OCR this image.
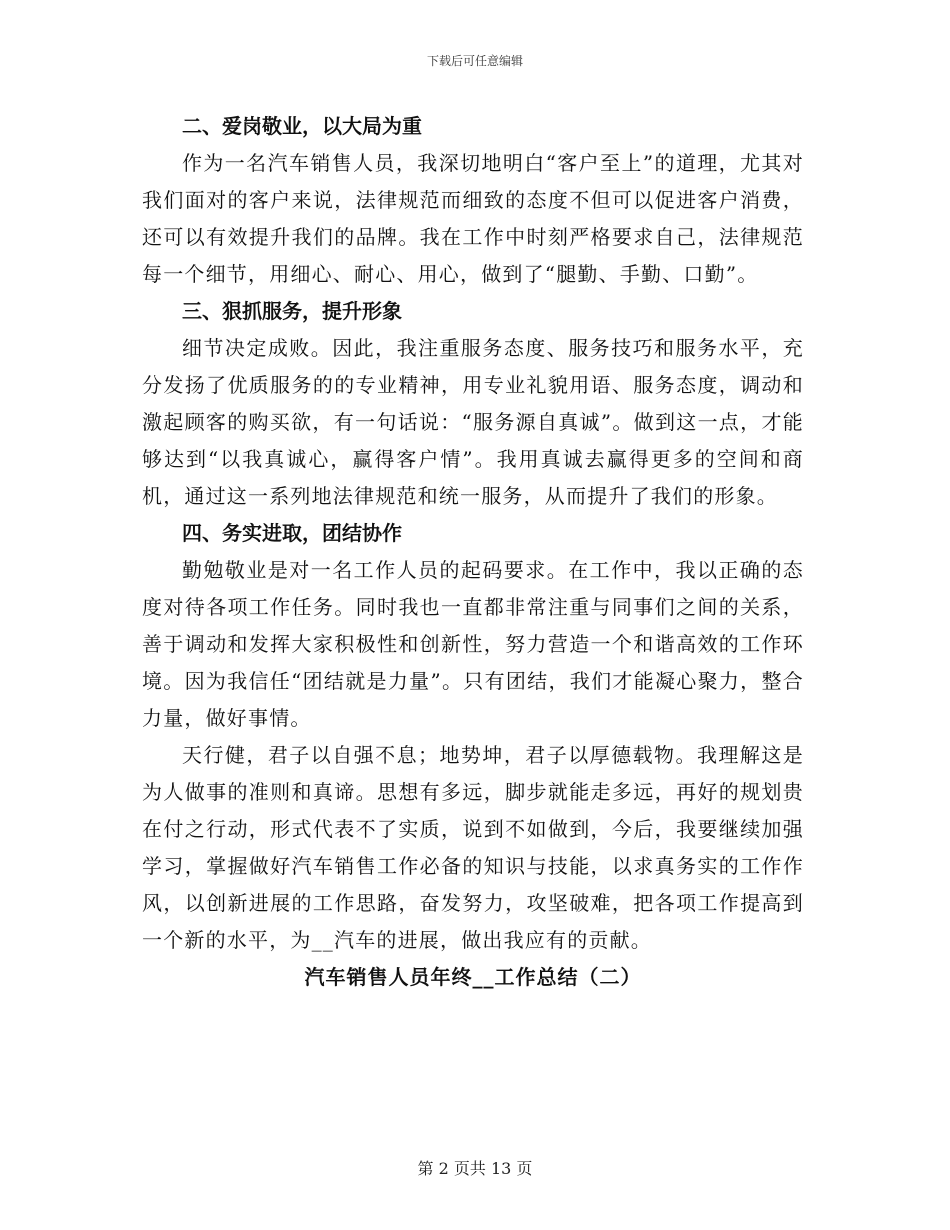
下载后可任意编辑
二、爱岗敬业，以大局为重

作为一名汽车销售人员，我深切地明白“客户至上”的道理，尤其对我们面对的客户来说，法律规范而细致的态度不但可以促进客户消费，还可以有效提升我们的品牌。我在工作中时刻严格要求自己，法律规范每一个细节，用细心、耐心、用心，做到了“腿勤、手勤、口勤”。

三、狠抓服务，提升形象

细节决定成败。因此，我注重服务态度、服务技巧和服务水平，充分发扬了优质服务的的专业精神，用专业礼貌用语、服务态度，调动和激起顾客的购买欲，有一句话说：“服务源自真诚”。做到这一点，才能够达到“以我真诚心，赢得客户情”。我用真诚去赢得更多的空间和商机，通过这一系列地法律规范和统一服务，从而提升了我们的形象。

四、务实进取，团结协作

勤勉敬业是对一名工作人员的起码要求。在工作中，我以正确的态度对待各项工作任务。同时我也一直都非常注重与同事们之间的关系，善于调动和发挥大家积极性和创新性，努力营造一个和谐高效的工作环境。因为我信任“团结就是力量”。只有团结，我们才能凝心聚力，整合力量，做好事情。

天行健，君子以自强不息；地势坤，君子以厚德载物。我理解这是为人做事的准则和真谛。思想有多远，脚步就能走多远，再好的规划贵在付之行动，形式代表不了实质，说到不如做到，今后，我要继续加强学习，掌握做好汽车销售工作必备的知识与技能，以求真务实的工作作风，以创新进展的工作思路，奋发努力，攻坚破难，把各项工作提高到一个新的水平，为__汽车的进展，做出我应有的贡献。

汽车销售人员年终__工作总结（二）
第 2 页共 13 页
